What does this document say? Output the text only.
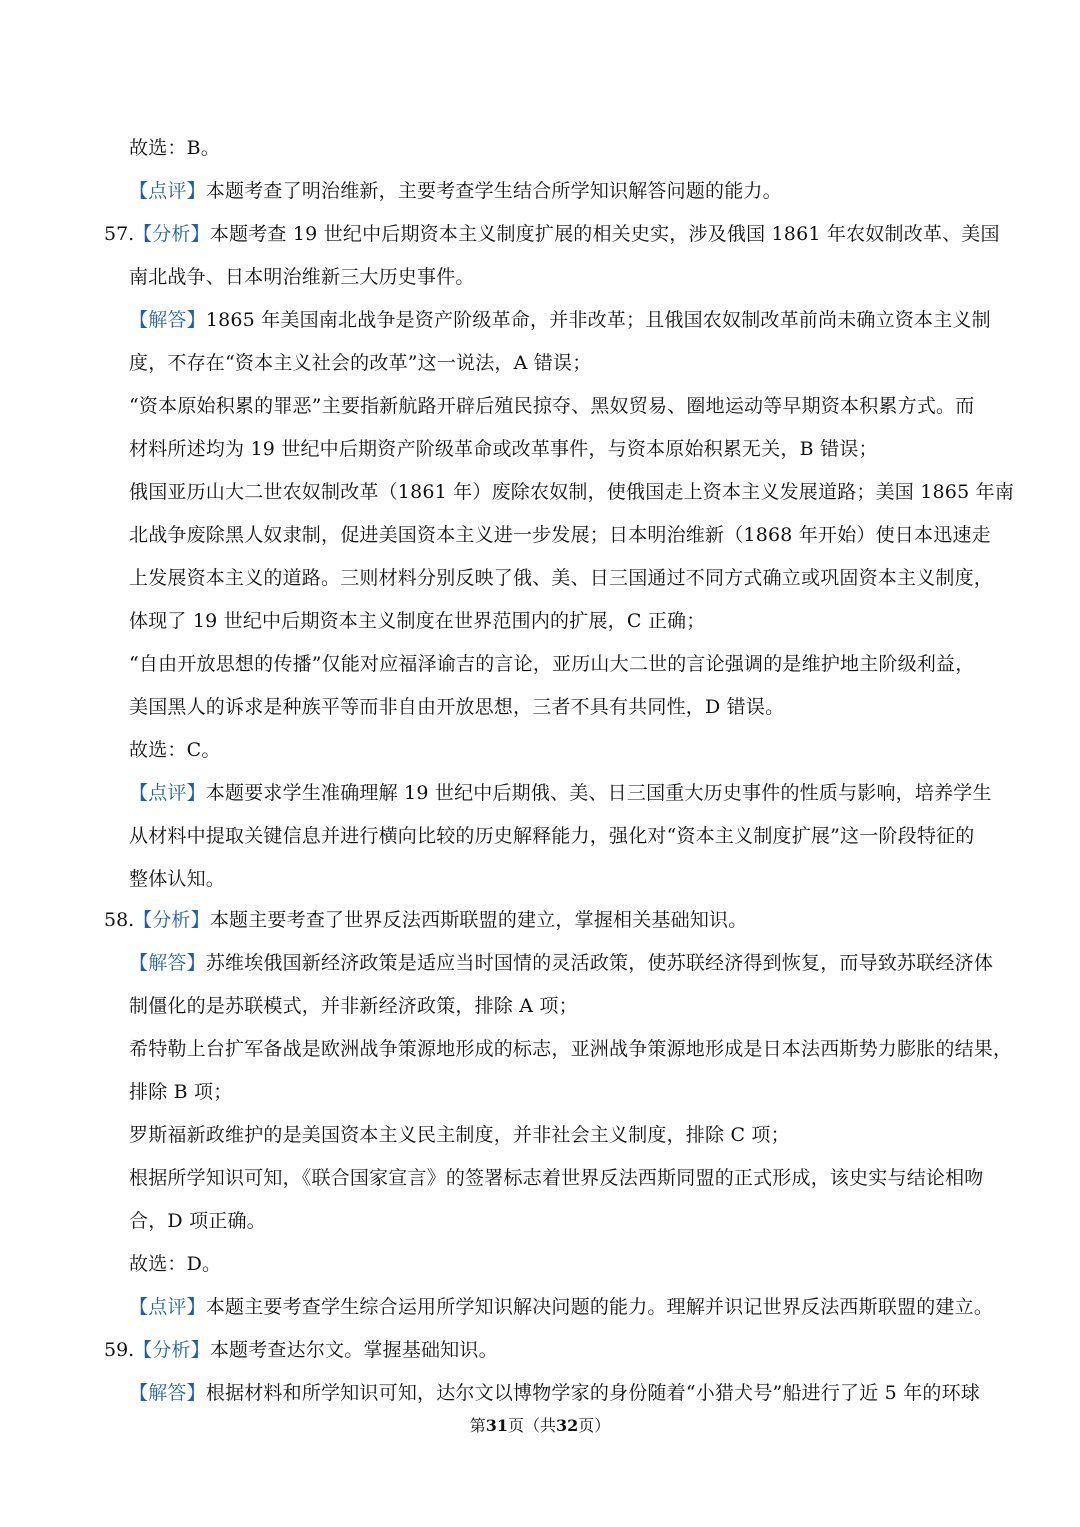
故选：B。
【点评】本题考查了明治维新，主要考查学生结合所学知识解答问题的能力。
57.
【分析】本题考查 19 世纪中后期资本主义制度扩展的相关史实，涉及俄国 1861 年农奴制改革、美国
南北战争、日本明治维新三大历史事件。
【解答】1865 年美国南北战争是资产阶级革命，并非改革；且俄国农奴制改革前尚未确立资本主义制
度，不存在“资本主义社会的改革”这一说法，A 错误；
“资本原始积累的罪恶”主要指新航路开辟后殖民掠夺、黑奴贸易、圈地运动等早期资本积累方式。而
材料所述均为 19 世纪中后期资产阶级革命或改革事件，与资本原始积累无关，B 错误；
俄国亚历山大二世农奴制改革（1861 年）废除农奴制，使俄国走上资本主义发展道路；美国 1865 年南
北战争废除黑人奴隶制，促进美国资本主义进一步发展；日本明治维新（1868 年开始）使日本迅速走
上发展资本主义的道路。三则材料分别反映了俄、美、日三国通过不同方式确立或巩固资本主义制度，
体现了 19 世纪中后期资本主义制度在世界范围内的扩展，C 正确；
“自由开放思想的传播”仅能对应福泽谕吉的言论，亚历山大二世的言论强调的是维护地主阶级利益，
美国黑人的诉求是种族平等而非自由开放思想，三者不具有共同性，D 错误。
故选：C。
【点评】本题要求学生准确理解 19 世纪中后期俄、美、日三国重大历史事件的性质与影响，培养学生
从材料中提取关键信息并进行横向比较的历史解释能力，强化对“资本主义制度扩展”这一阶段特征的
整体认知。
58.
【分析】本题主要考查了世界反法西斯联盟的建立，掌握相关基础知识。
【解答】苏维埃俄国新经济政策是适应当时国情的灵活政策，使苏联经济得到恢复，而导致苏联经济体
制僵化的是苏联模式，并非新经济政策，排除 A 项；
希特勒上台扩军备战是欧洲战争策源地形成的标志，亚洲战争策源地形成是日本法西斯势力膨胀的结果，
排除 B 项；
罗斯福新政维护的是美国资本主义民主制度，并非社会主义制度，排除 C 项；
根据所学知识可知，《联合国家宣言》的签署标志着世界反法西斯同盟的正式形成，该史实与结论相吻
合，D 项正确。
故选：D。
【点评】本题主要考查学生综合运用所学知识解决问题的能力。理解并识记世界反法西斯联盟的建立。
59.
【分析】本题考查达尔文。掌握基础知识。
【解答】根据材料和所学知识可知，达尔文以博物学家的身份随着“小猎犬号”船进行了近 5 年的环球
第31页（共32页）
